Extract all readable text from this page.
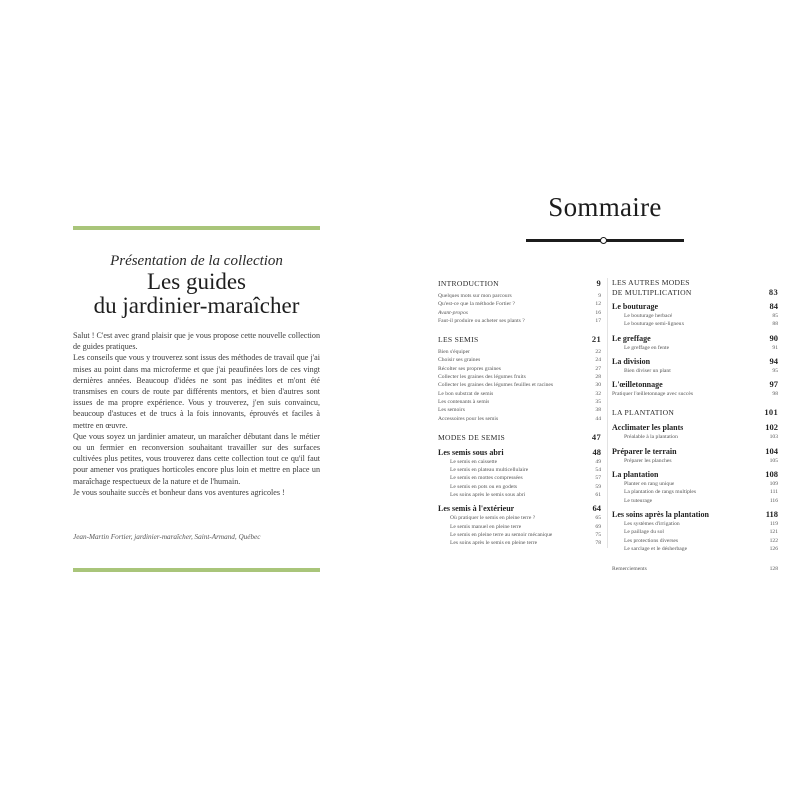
Présentation de la collection
Les guides
du jardinier-maraîcher

Salut ! C'est avec grand plaisir que je vous propose cette nouvelle collection de guides pratiques.

Les conseils que vous y trouverez sont issus des méthodes de travail que j'ai mises au point dans ma microferme et que j'ai peaufinées lors de ces vingt dernières années. Beaucoup d'idées ne sont pas inédites et m'ont été transmises en cours de route par différents mentors, et bien d'autres sont issues de ma propre expérience. Vous y trouverez, j'en suis convaincu, beaucoup d'astuces et de trucs à la fois innovants, éprouvés et faciles à mettre en œuvre.

Que vous soyez un jardinier amateur, un maraîcher débutant dans le métier ou un fermier en reconversion souhaitant travailler sur des surfaces cultivées plus petites, vous trouverez dans cette collection tout ce qu'il faut pour amener vos pratiques horticoles encore plus loin et mettre en place un maraîchage respectueux de la nature et de l'humain.

Je vous souhaite succès et bonheur dans vos aventures agricoles !

Jean-Martin Fortier, jardinier-maraîcher, Saint-Armand, Québec
Sommaire
INTRODUCTION	9
Quelques mots sur mon parcours	9
Qu'est-ce que la méthode Fortier ?	12
Avant-propos	16
Faut-il produire ou acheter ses plants ?	17
LES SEMIS	21
Bien s'équiper	22
Choisir ses graines	24
Récolter ses propres graines	27
Collecter les graines des légumes fruits	28
Collecter les graines des légumes feuilles et racines	30
Le bon substrat de semis	32
Les contenants à semis	35
Les semoirs	38
Accessoires pour les semis	44
MODES DE SEMIS	47
Les semis sous abri	48
Le semis en caissette	49
Le semis en plateau multicellulaire	54
Le semis en mottes compressées	57
Le semis en pots ou en godets	59
Les soins après le semis sous abri	61
Les semis à l'extérieur	64
Où pratiquer le semis en pleine terre ?	65
Le semis manuel en pleine terre	69
Le semis en pleine terre au semoir mécanique	75
Les soins après le semis en pleine terre	78
LES AUTRES MODES
DE MULTIPLICATION	83
Le bouturage	84
Le bouturage herbacé	85
Le bouturage semi-ligneux	88
Le greffage	90
Le greffage en fente	91
La division	94
Bien diviser un plant	95
L'œilletonnage	97
Pratiquer l'œilletonnage avec succès	98
LA PLANTATION	101
Acclimater les plants	102
Préalable à la plantation	103
Préparer le terrain	104
Préparer les planches	105
La plantation	108
Planter en rang unique	109
La plantation de rangs multiples	111
Le tuteurage	116
Les soins après la plantation	118
Les systèmes d'irrigation	119
Le paillage du sol	121
Les protections diverses	122
Le sarclage et le désherbage	126
Remerciements	128
